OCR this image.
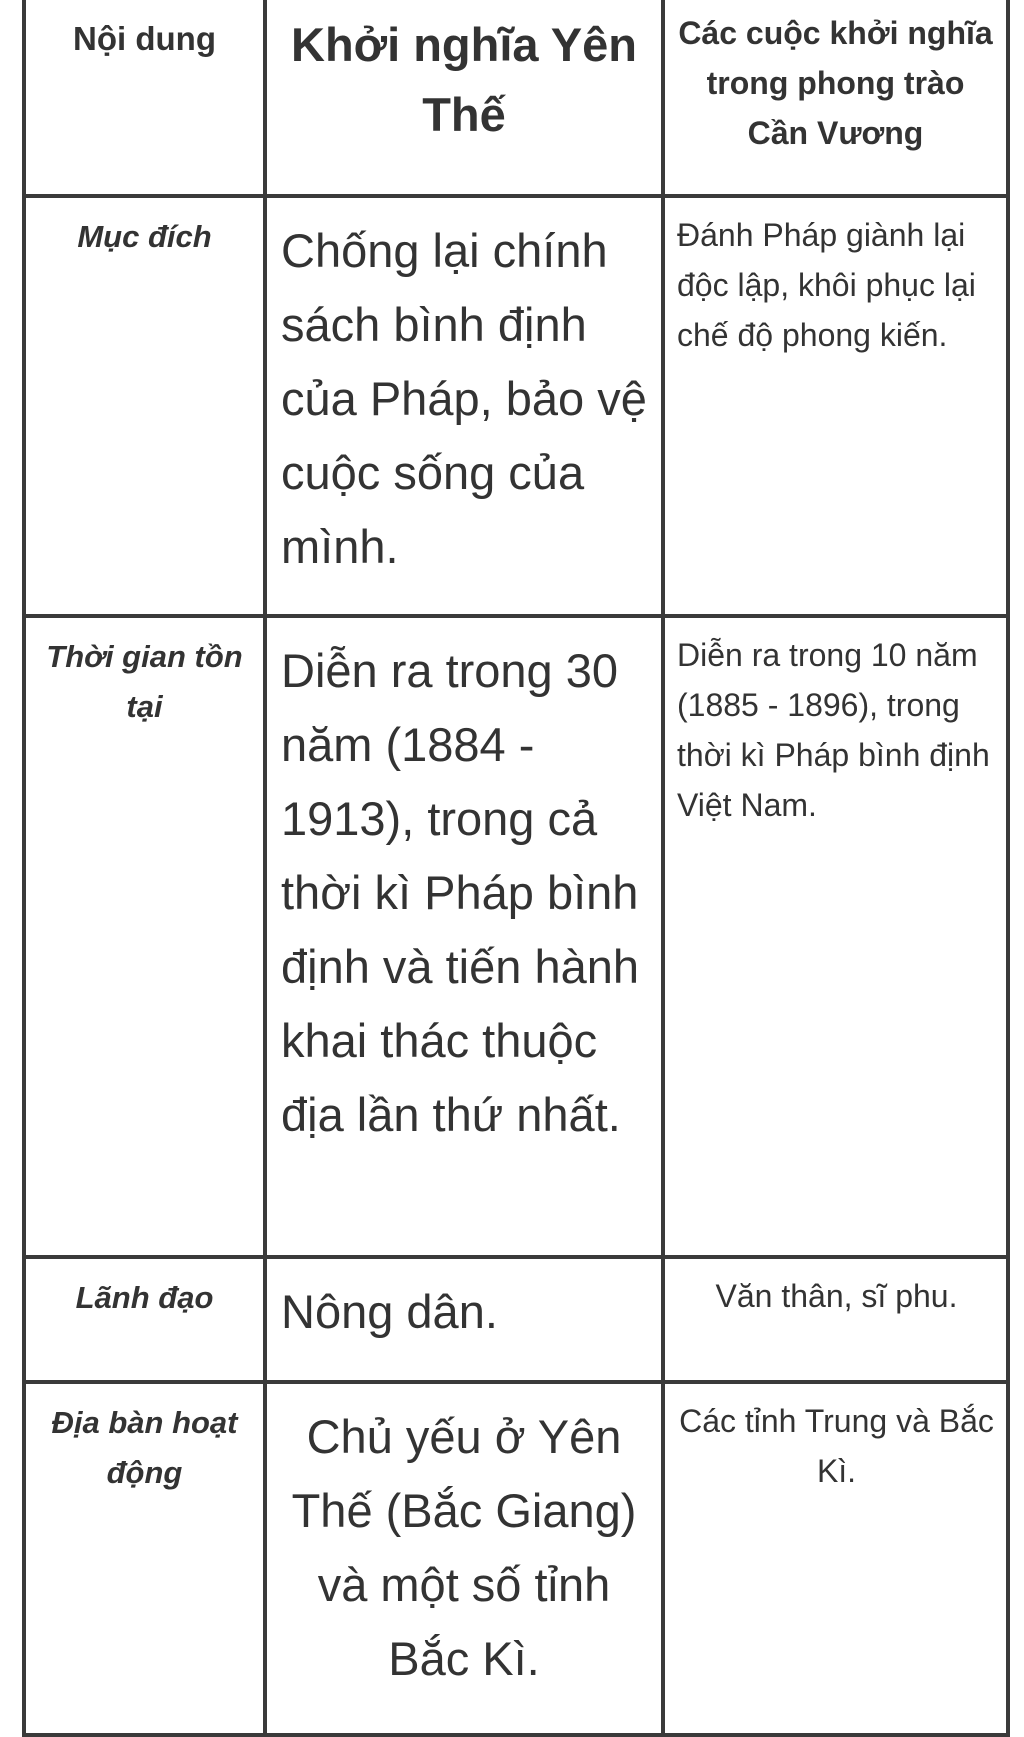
Nội dung	Khởi nghĩa Yên Thế	Các cuộc khởi nghĩa trong phong trào Cần Vương
Mục đích	Chống lại chính sách bình định của Pháp, bảo vệ cuộc sống của mình.	Đánh Pháp giành lại độc lập, khôi phục lại chế độ phong kiến.
Thời gian tồn tại	Diễn ra trong 30 năm (1884 - 1913), trong cả thời kì Pháp bình định và tiến hành khai thác thuộc địa lần thứ nhất.	Diễn ra trong 10 năm (1885 - 1896), trong thời kì Pháp bình định Việt Nam.
Lãnh đạo	Nông dân.	Văn thân, sĩ phu.
Địa bàn hoạt động	Chủ yếu ở Yên Thế (Bắc Giang) và một số tỉnh Bắc Kì.	Các tỉnh Trung và Bắc Kì.
